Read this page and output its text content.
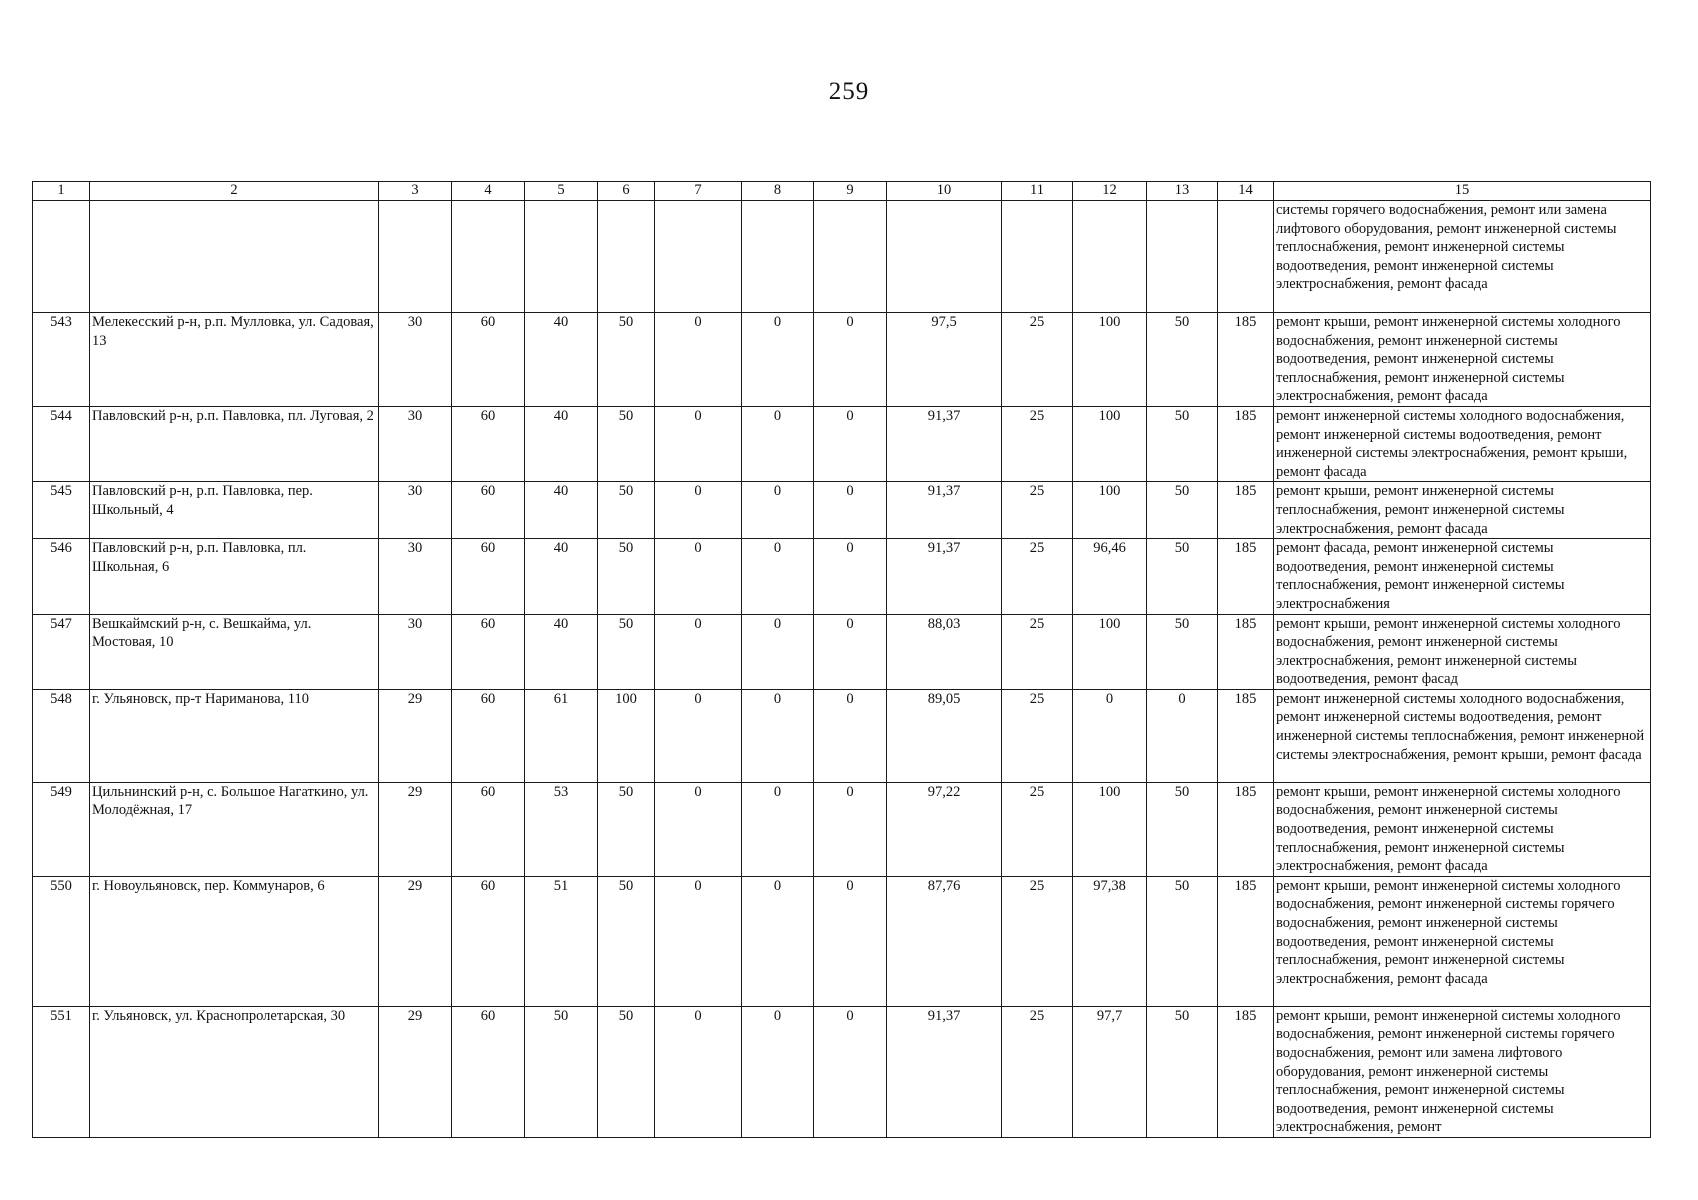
259
1	2	3	4	5	6	7	8	9	10	11	12	13	14	15
														системы горячего водоснабжения, ремонт или замена лифтового оборудования, ремонт инженерной системы теплоснабжения, ремонт инженерной системы водоотведения, ремонт инженерной системы электроснабжения, ремонт фасада
543	Мелекесский р-н, р.п. Мулловка, ул. Садовая, 13	30	60	40	50	0	0	0	97,5	25	100	50	185	ремонт крыши, ремонт инженерной системы холодного водоснабжения, ремонт инженерной системы водоотведения, ремонт инженерной системы теплоснабжения, ремонт инженерной системы электроснабжения, ремонт фасада
544	Павловский р-н, р.п. Павловка, пл. Луговая, 2	30	60	40	50	0	0	0	91,37	25	100	50	185	ремонт инженерной системы холодного водоснабжения, ремонт инженерной системы водоотведения, ремонт инженерной системы электроснабжения, ремонт крыши, ремонт фасада
545	Павловский р-н, р.п. Павловка, пер. Школьный, 4	30	60	40	50	0	0	0	91,37	25	100	50	185	ремонт крыши, ремонт инженерной системы теплоснабжения, ремонт инженерной системы электроснабжения, ремонт фасада
546	Павловский р-н, р.п. Павловка, пл. Школьная, 6	30	60	40	50	0	0	0	91,37	25	96,46	50	185	ремонт фасада, ремонт инженерной системы водоотведения, ремонт инженерной системы теплоснабжения, ремонт инженерной системы электроснабжения
547	Вешкаймский р-н, с. Вешкайма, ул. Мостовая, 10	30	60	40	50	0	0	0	88,03	25	100	50	185	ремонт крыши, ремонт инженерной системы холодного водоснабжения, ремонт инженерной системы электроснабжения, ремонт инженерной системы водоотведения, ремонт фасад
548	г. Ульяновск, пр-т Нариманова, 110	29	60	61	100	0	0	0	89,05	25	0	0	185	ремонт инженерной системы холодного водоснабжения, ремонт инженерной системы водоотведения, ремонт инженерной системы теплоснабжения, ремонт инженерной системы электроснабжения, ремонт крыши, ремонт фасада
549	Цильнинский р-н, с. Большое Нагаткино, ул. Молодёжная, 17	29	60	53	50	0	0	0	97,22	25	100	50	185	ремонт крыши, ремонт инженерной системы холодного водоснабжения, ремонт инженерной системы водоотведения, ремонт инженерной системы теплоснабжения, ремонт инженерной системы электроснабжения, ремонт фасада
550	г. Новоульяновск, пер. Коммунаров, 6	29	60	51	50	0	0	0	87,76	25	97,38	50	185	ремонт крыши, ремонт инженерной системы холодного водоснабжения, ремонт инженерной системы горячего водоснабжения, ремонт инженерной системы водоотведения, ремонт инженерной системы теплоснабжения, ремонт инженерной системы электроснабжения, ремонт фасада
551	г. Ульяновск, ул. Краснопролетарская, 30	29	60	50	50	0	0	0	91,37	25	97,7	50	185	ремонт крыши, ремонт инженерной системы холодного водоснабжения, ремонт инженерной системы горячего водоснабжения, ремонт или замена лифтового оборудования, ремонт инженерной системы теплоснабжения, ремонт инженерной системы водоотведения, ремонт инженерной системы электроснабжения, ремонт
